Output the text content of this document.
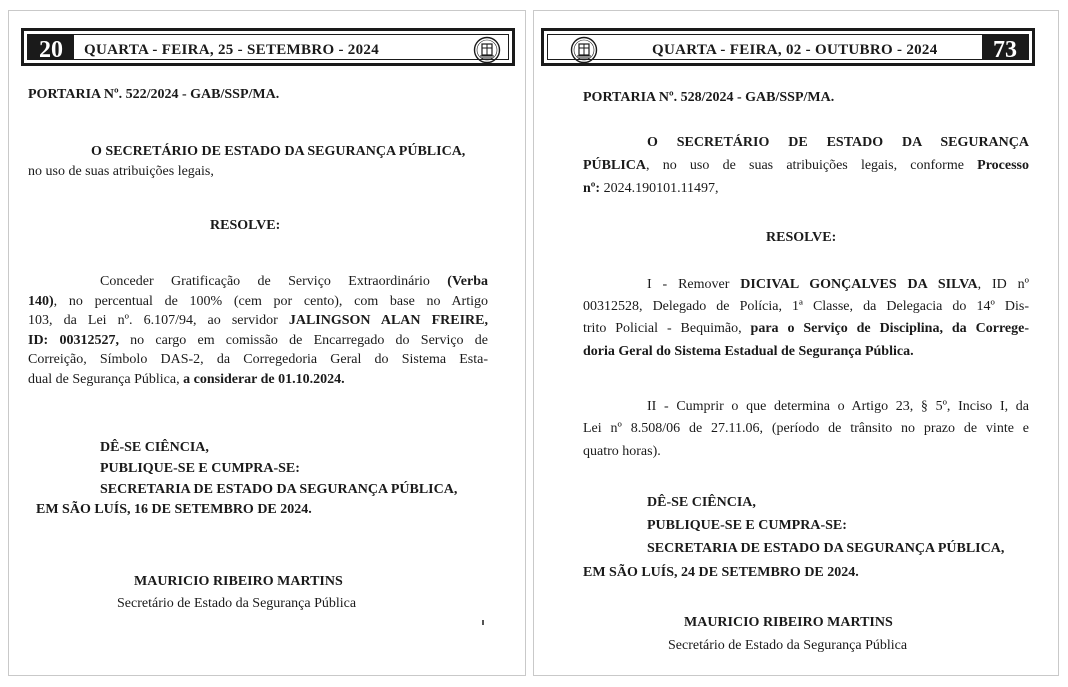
20	QUARTA - FEIRA, 25 - SETEMBRO - 2024
PORTARIA Nº. 522/2024 - GAB/SSP/MA.
O SECRETÁRIO DE ESTADO DA SEGURANÇA PÚBLICA,
no uso de suas atribuições legais,
RESOLVE:
Conceder Gratificação de Serviço Extraordinário (Verba
140), no percentual de 100% (cem por cento), com base no Artigo
103, da Lei nº. 6.107/94, ao servidor JALINGSON ALAN FREIRE,
ID: 00312527, no cargo em comissão de Encarregado do Serviço de
Correição, Símbolo DAS-2, da Corregedoria Geral do Sistema Esta-
dual de Segurança Pública, a considerar de 01.10.2024.
DÊ-SE CIÊNCIA,
PUBLIQUE-SE E CUMPRA-SE:
SECRETARIA DE ESTADO DA SEGURANÇA PÚBLICA,
EM SÃO LUÍS, 16 DE SETEMBRO DE 2024.
MAURICIO RIBEIRO MARTINS
Secretário de Estado da Segurança Pública
QUARTA - FEIRA, 02 - OUTUBRO - 2024	73
PORTARIA Nº. 528/2024 - GAB/SSP/MA.
O SECRETÁRIO DE ESTADO DA SEGURANÇA
PÚBLICA, no uso de suas atribuições legais, conforme Processo
nº: 2024.190101.11497,
RESOLVE:
I - Remover DICIVAL GONÇALVES DA SILVA, ID nº
00312528, Delegado de Polícia, 1ª Classe, da Delegacia do 14º Dis-
trito Policial - Bequimão, para o Serviço de Disciplina, da Correge-
doria Geral do Sistema Estadual de Segurança Pública.
II - Cumprir o que determina o Artigo 23, § 5º, Inciso I, da
Lei nº 8.508/06 de 27.11.06, (período de trânsito no prazo de vinte e
quatro horas).
DÊ-SE CIÊNCIA,
PUBLIQUE-SE E CUMPRA-SE:
SECRETARIA DE ESTADO DA SEGURANÇA PÚBLICA,
EM SÃO LUÍS, 24 DE SETEMBRO DE 2024.
MAURICIO RIBEIRO MARTINS
Secretário de Estado da Segurança Pública
